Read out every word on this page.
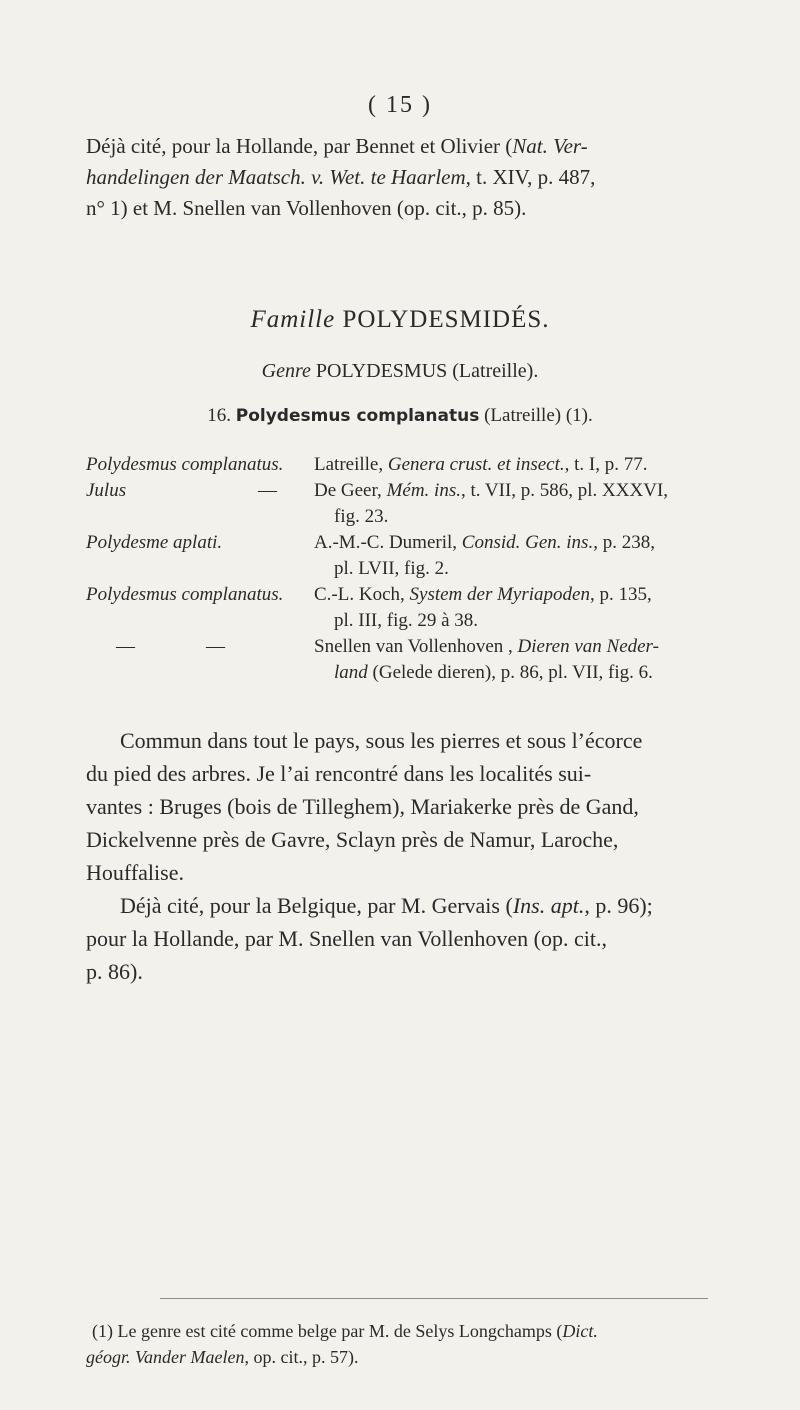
( 15 )
Déjà cité, pour la Hollande, par Bennet et Olivier (Nat. Ver-
handelingen der Maatsch. v. Wet. te Haarlem, t. XIV, p. 487,
n° 1) et M. Snellen van Vollenhoven (op. cit., p. 85).
Famille POLYDESMIDÉS.
Genre POLYDESMUS (Latreille).
16. Polydesmus complanatus (Latreille) (1).
Polydesmus complanatus. Latreille, Genera crust. et insect., t. I, p. 77.
Julus	— De Geer, Mém. ins., t. VII, p. 586, pl. XXXVI,
fig. 23.
Polydesme aplati.	A.-M.-C. Dumeril, Consid. Gen. ins., p. 238,
pl. LVII, fig. 2.
Polydesmus complanatus. C.-L. Koch, System der Myriapoden, p. 135,
pl. III, fig. 29 à 38.
—	—	Snellen van Vollenhoven , Dieren van Neder-
land (Gelede dieren), p. 86, pl. VII, fig. 6.
Commun dans tout le pays, sous les pierres et sous l’écorce
du pied des arbres. Je l’ai rencontré dans les localités sui-
vantes : Bruges (bois de Tilleghem), Mariakerke près de Gand,
Dickelvenne près de Gavre, Sclayn près de Namur, Laroche,
Houffalise.
Déjà cité, pour la Belgique, par M. Gervais (Ins. apt., p. 96);
pour la Hollande, par M. Snellen van Vollenhoven (op. cit.,
p. 86).
(1) Le genre est cité comme belge par M. de Selys Longchamps (Dict.
géogr. Vander Maelen, op. cit., p. 57).
